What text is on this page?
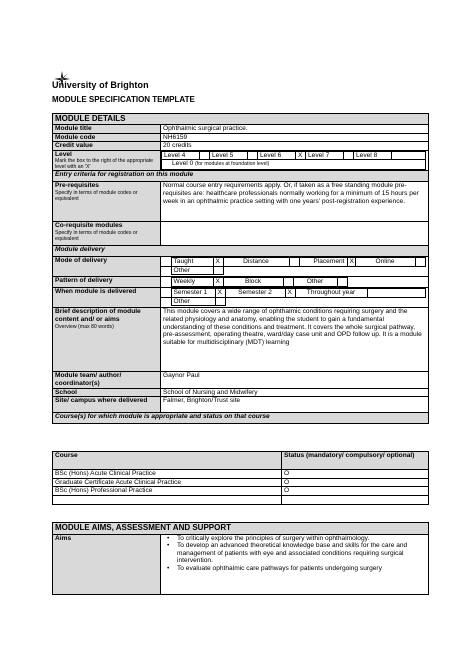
University of Brighton
MODULE SPECIFICATION TEMPLATE
MODULE DETAILS
Module title	Ophthalmic surgical practice.
Module code	NH6159
Credit value	20 credits
Level
Mark the box to the right of the appropriate level with an 'X'

Level 4		Level 5		Level 6	X	Level 7		Level 8	
Level 0 (for modules at foundation level)

Entry criteria for registration on this module
Pre-requisites
Specify in terms of module codes or equivalent
	Normal course entry requirements apply. Or, if taken as a free standing module pre-requisites are: healthcare professionals normally working for a minimum of 15 hours per week in an ophthalmic practice setting with one years' post-registration experience.
Co-requisite modules
Specify in terms of module codes or equivalent

Module delivery
Mode of delivery	
		Taught	X	Distance		Placement	X	Online	
	Other		

Pattern of delivery	
		Weekly	X	Block		Other		

When module is delivered	
		Semester 1	X	Semester 2	X	Throughout year	
	Other		

Brief description of module content and/ or aims
Overview (max 80 words)
	This module covers a wide range of ophthalmic conditions requiring surgery and the related physiology and anatomy, enabling the student to gain a fundamental understanding of these conditions and treatment. It covers the whole surgical pathway, pre-assessment, operating theatre, ward/day case unit and OPD follow up. It is a module suitable for multidisciplinary (MDT) learning
Module team/ author/ coordinator(s)	Gaynor Paul
School	School of Nursing and Midwifery
Site/ campus where delivered	Falmer, Brighton/Trust site
Course(s) for which module is appropriate and status on that course
Course	Status (mandatory/ compulsory/ optional)
BSc (Hons) Acute Clinical Practice	O
Graduate Certificate Acute Clinical Practice	O
BSc (Hons) Professional Practice	O

MODULE AIMS, ASSESSMENT AND SUPPORT
Aims	
•To critically explore the principles of surgery within ophthalmology.
• To develop an advanced theoretical knowledge base and skills for the care and management of patients with eye and associated conditions requiring surgical intervention.
• To evaluate ophthalmic care pathways for patients undergoing surgery
